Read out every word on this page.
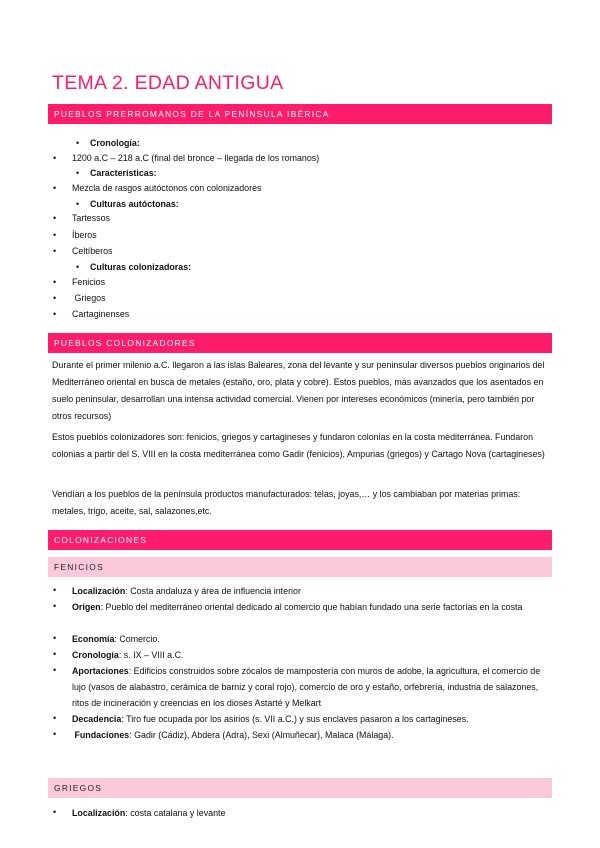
TEMA 2. EDAD ANTIGUA
PUEBLOS PRERROMANOS DE LA PENÍNSULA IBÉRICA
• Cronología:
• 1200 a.C – 218 a.C (final del bronce – llegada de los romanos)
• Características:
• Mezcla de rasgos autóctonos con colonizadores
• Culturas autóctonas:
• Tartessos
• Íberos
• Celtíberos
• Culturas colonizadoras:
• Fenicios
• Griegos
• Cartaginenses
PUEBLOS COLONIZADORES

Durante el primer milenio a.C. llegaron a las islas Baleares, zona del levante y sur peninsular diversos pueblos originarios del Mediterráneo oriental en busca de metales (estaño, oro, plata y cobre). Estos pueblos, más avanzados que los asentados en suelo peninsular, desarrollan una intensa actividad comercial. Vienen por intereses económicos (minería, pero también por otros recursos)

Estos pueblos colonizadores son: fenicios, griegos y cartagineses y fundaron colonias en la costa mediterránea. Fundaron colonias a partir del S. VIII en la costa mediterránea como Gadir (fenicios), Ampurias (griegos) y Cartago Nova (cartagineses)

Vendían a los pueblos de la península productos manufacturados: telas, joyas,… y los cambiaban por materias primas: metales, trigo, aceite, sal, salazones,etc.

COLONIZACIONES
FENICIOS
• Localización: Costa andaluza y área de influencia interior
• Origen: Pueblo del mediterráneo oriental dedicado al comercio que habían fundado una serie factorías en la costa
• Economía: Comercio.
• Cronología: s. IX – VIII a.C.
• Aportaciones: Edificios construidos sobre zócalos de mampostería con muros de adobe, la agricultura, el comercio de lujo (vasos de alabastro, cerámica de barniz y coral rojo), comercio de oro y estaño, orfebrería, industria de salazones, ritos de incineración y creencias en los dioses Astarté y Melkart
• Decadencia: Tiro fue ocupada por los asirios (s. VII a.C.) y sus enclaves pasaron a los cartagineses.
• Fundaciones: Gadir (Cádiz), Abdera (Adra), Sexi (Almuñecar), Malaca (Málaga).
GRIEGOS
• Localización: costa catalana y levante
